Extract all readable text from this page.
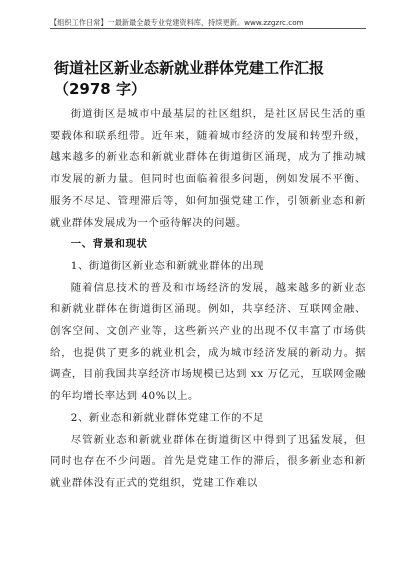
【组织工作日常】一最新最全最专业党建资料库，持续更新。www.zzgzrc.com
街道社区新业态新就业群体党建工作汇报
（2978 字）

街道街区是城市中最基层的社区组织，是社区居民生活的重要载体和联系纽带。近年来，随着城市经济的发展和转型升级，越来越多的新业态和新就业群体在街道街区涌现，成为了推动城市发展的新力量。但同时也面临着很多问题，例如发展不平衡、服务不尽足、管理滞后等，如何加强党建工作，引领新业态和新就业群体发展成为一个亟待解决的问题。

一、背景和现状

1、街道街区新业态和新就业群体的出现

随着信息技术的普及和市场经济的发展，越来越多的新业态和新就业群体在街道街区涌现。例如，共享经济、互联网金融、创客空间、文创产业等，这些新兴产业的出现不仅丰富了市场供给，也提供了更多的就业机会，成为城市经济发展的新动力。据调查，目前我国共享经济市场规模已达到 xx 万亿元，互联网金融的年均增长率达到 40%以上。

2、新业态和新就业群体党建工作的不足

尽管新业态和新就业群体在街道街区中得到了迅猛发展，但同时也存在不少问题。首先是党建工作的滞后，很多新业态和新就业群体没有正式的党组织，党建工作难以
